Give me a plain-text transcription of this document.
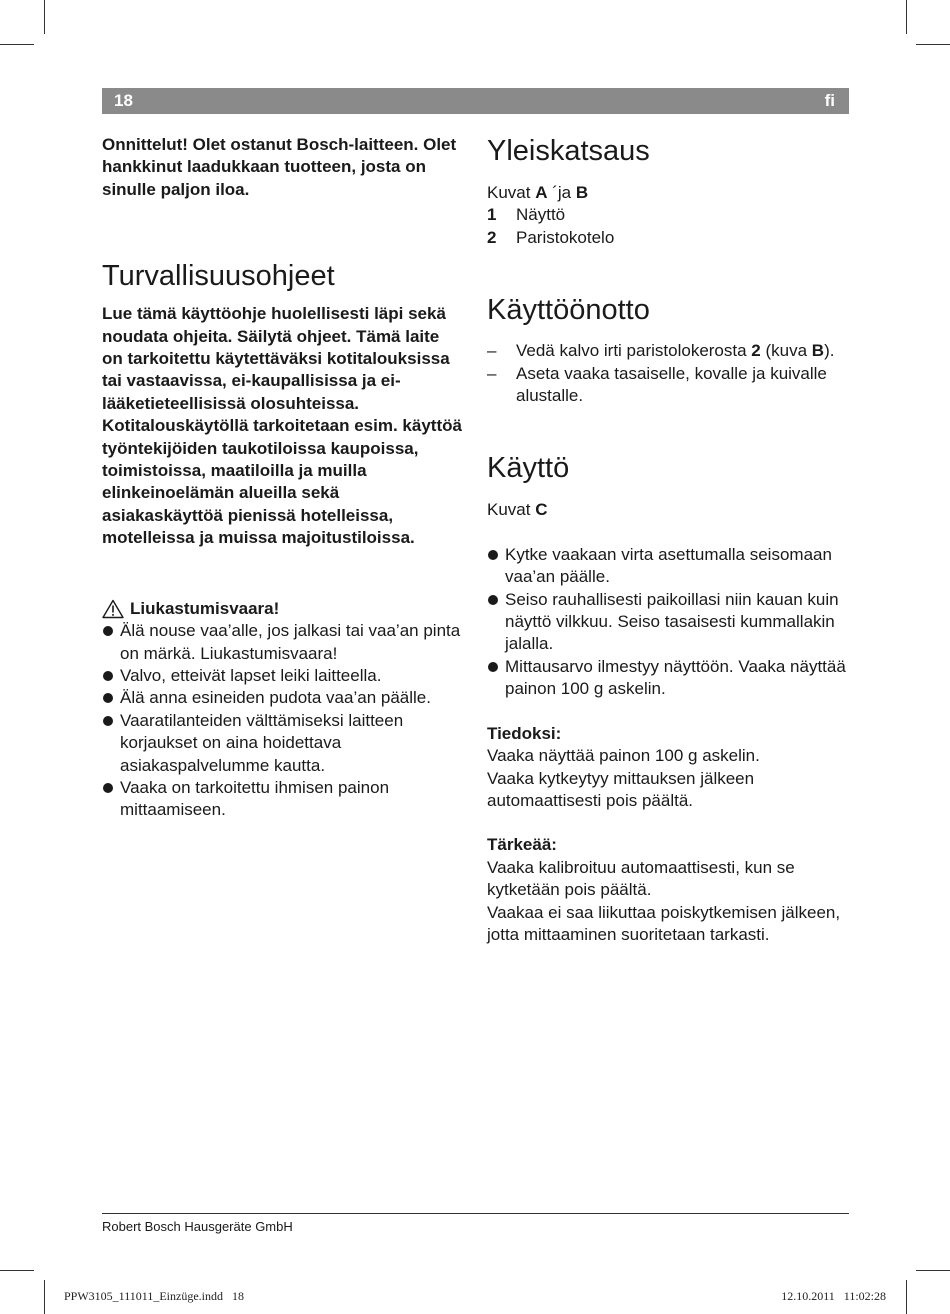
18	fi

Onnittelut! Olet ostanut Bosch-laitteen. Olet hankkinut laadukkaan tuotteen, josta on sinulle paljon iloa.

Turvallisuusohjeet

Lue tämä käyttöohje huolellisesti läpi sekä noudata ohjeita. Säilytä ohjeet. Tämä laite on tarkoitettu käytettäväksi kotitalouksissa tai vastaavissa, ei-kaupallisissa ja ei-lääketieteellisissä olosuhteissa.

Kotitalouskäytöllä tarkoitetaan esim. käyttöä työntekijöiden taukotiloissa kaupoissa, toimistoissa, maatiloilla ja muilla elinkeinoelämän alueilla sekä asiakaskäyttöä pienissä hotelleissa, motelleissa ja muissa majoitustiloissa.

Liukastumisvaara!
Älä nouse vaa’alle, jos jalkasi tai vaa’an pinta on märkä. Liukastumisvaara!
Valvo, etteivät lapset leiki laitteella.
Älä anna esineiden pudota vaa’an päälle.
Vaaratilanteiden välttämiseksi laitteen korjaukset on aina hoidettava asiakaspalvelumme kautta.
Vaaka on tarkoitettu ihmisen painon mittaamiseen.
Yleiskatsaus

Kuvat A ´ja B

1	Näyttö
2	Paristokotelo
Käyttöönotto
– Vedä kalvo irti paristolokerosta 2 (kuva B).
– Aseta vaaka tasaiselle, kovalle ja kuivalle alustalle.
Käyttö

Kuvat C

Kytke vaakaan virta asettumalla seisomaan vaa’an päälle.
Seiso rauhallisesti paikoillasi niin kauan kuin näyttö vilkkuu. Seiso tasaisesti kummallakin jalalla.
Mittausarvo ilmestyy näyttöön. Vaaka näyttää painon 100 g askelin.

Tiedoksi:

Vaaka näyttää painon 100 g askelin.

Vaaka kytkeytyy mittauksen jälkeen automaattisesti pois päältä.

Tärkeää:

Vaaka kalibroituu automaattisesti, kun se kytketään pois päältä.

Vaakaa ei saa liikuttaa poiskytkemisen jälkeen, jotta mittaaminen suoritetaan tarkasti.

Robert Bosch Hausgeräte GmbH
PPW3105_111011_Einzüge.indd   18	12.10.2011   11:02:28
